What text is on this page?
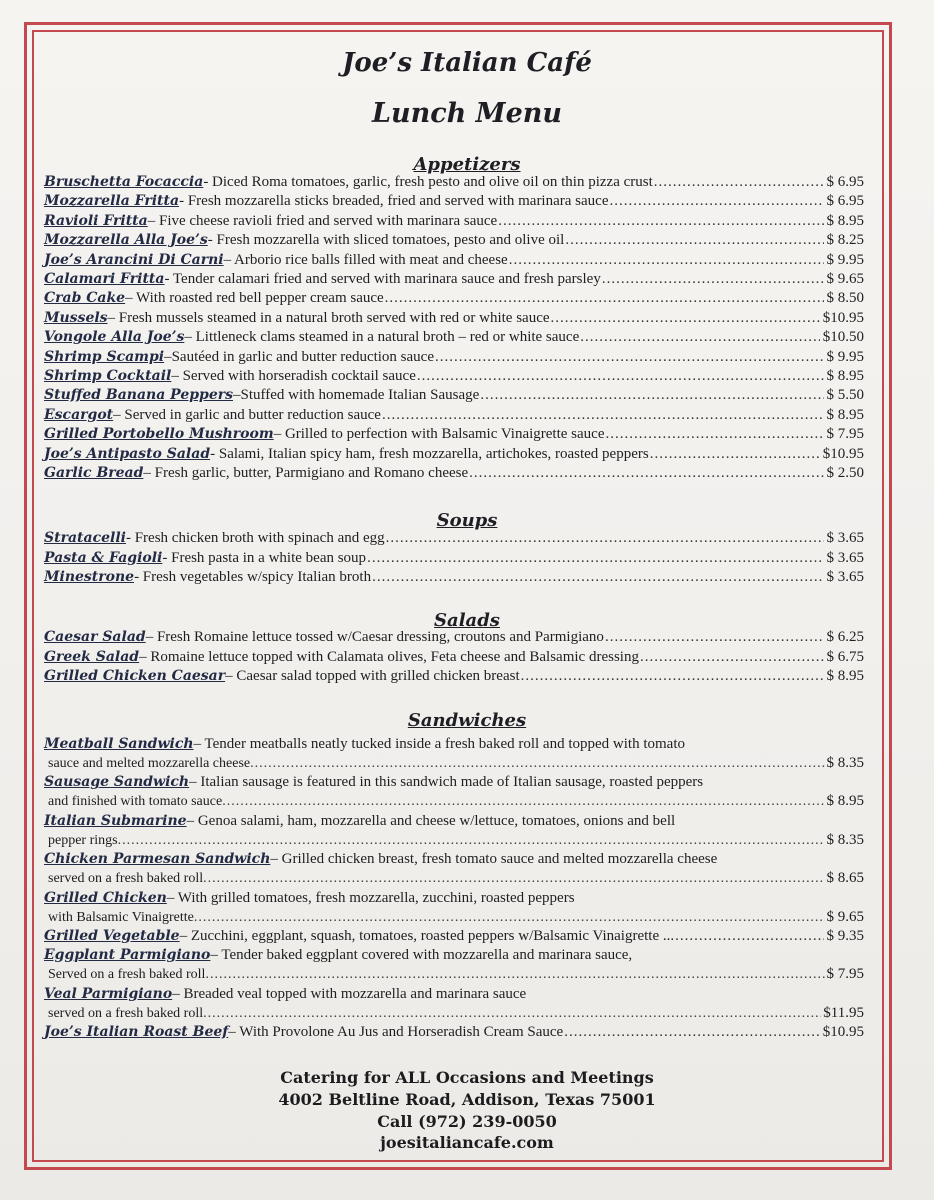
Joe’s Italian Café
Lunch Menu
Appetizers
Bruschetta Focaccia - Diced Roma tomatoes, garlic, fresh pesto and olive oil on thin pizza crust .....	$ 6.95
Mozzarella Fritta - Fresh mozzarella sticks breaded, fried and served with marinara sauce .....	$ 6.95
Ravioli Fritta – Five cheese ravioli fried and served with marinara sauce .....	$ 8.95
Mozzarella Alla Joe’s - Fresh mozzarella with sliced tomatoes, pesto and olive oil .....	$ 8.25
Joe’s Arancini Di Carni – Arborio rice balls filled with meat and cheese .....	$ 9.95
Calamari Fritta - Tender calamari fried and served with marinara sauce and fresh parsley .....	$ 9.65
Crab Cake – With roasted red bell pepper cream sauce .....	$ 8.50
Mussels – Fresh mussels steamed in a natural broth served with red or white sauce .....	$10.95
Vongole Alla Joe’s – Littleneck clams steamed in a natural broth – red or white sauce .....	$10.50
Shrimp Scampi –Sautéed in garlic and butter reduction sauce .....	$ 9.95
Shrimp Cocktail – Served with horseradish cocktail sauce .....	$ 8.95
Stuffed Banana Peppers –Stuffed with homemade Italian Sausage .....	$ 5.50
Escargot – Served in garlic and butter reduction sauce .....	$ 8.95
Grilled Portobello Mushroom – Grilled to perfection with Balsamic Vinaigrette sauce .....	$ 7.95
Joe’s Antipasto Salad - Salami, Italian spicy ham, fresh mozzarella, artichokes, roasted peppers .....	$10.95
Garlic Bread – Fresh garlic, butter, Parmigiano and Romano cheese .....	$ 2.50
Soups
Stratacelli - Fresh chicken broth with spinach and egg .....	$ 3.65
Pasta & Fagioli - Fresh pasta in a white bean soup .....	$ 3.65
Minestrone - Fresh vegetables w/spicy Italian broth .....	$ 3.65
Salads
Caesar Salad – Fresh Romaine lettuce tossed w/Caesar dressing, croutons and Parmigiano .....	$ 6.25
Greek Salad – Romaine lettuce topped with Calamata olives, Feta cheese and Balsamic dressing .....	$ 6.75
Grilled Chicken Caesar – Caesar salad topped with grilled chicken breast .....	$ 8.95
Sandwiches
Meatball Sandwich – Tender meatballs neatly tucked inside a fresh baked roll and topped with tomato
sauce and melted mozzarella cheese .....	$ 8.35
Sausage Sandwich – Italian sausage is featured in this sandwich made of Italian sausage, roasted peppers
and finished with tomato sauce .....	$ 8.95
Italian Submarine – Genoa salami, ham, mozzarella and cheese w/lettuce, tomatoes, onions and bell
pepper rings .....	$ 8.35
Chicken Parmesan Sandwich – Grilled chicken breast, fresh tomato sauce and melted mozzarella cheese
served on a fresh baked roll .....	$ 8.65
Grilled Chicken – With grilled tomatoes, fresh mozzarella, zucchini, roasted peppers
with Balsamic Vinaigrette .....	$ 9.65
Grilled Vegetable – Zucchini, eggplant, squash, tomatoes, roasted peppers w/Balsamic Vinaigrette ... .....	$ 9.35
Eggplant Parmigiano – Tender baked eggplant covered with mozzarella and marinara sauce,
Served on a fresh baked roll .....	$ 7.95
Veal Parmigiano – Breaded veal topped with mozzarella and marinara sauce
served on a fresh baked roll .....	$11.95
Joe’s Italian Roast Beef – With Provolone Au Jus and Horseradish Cream Sauce .....	$10.95
Catering for ALL Occasions and Meetings
4002 Beltline Road, Addison, Texas 75001
Call (972) 239-0050
joesitaliancafe.com
